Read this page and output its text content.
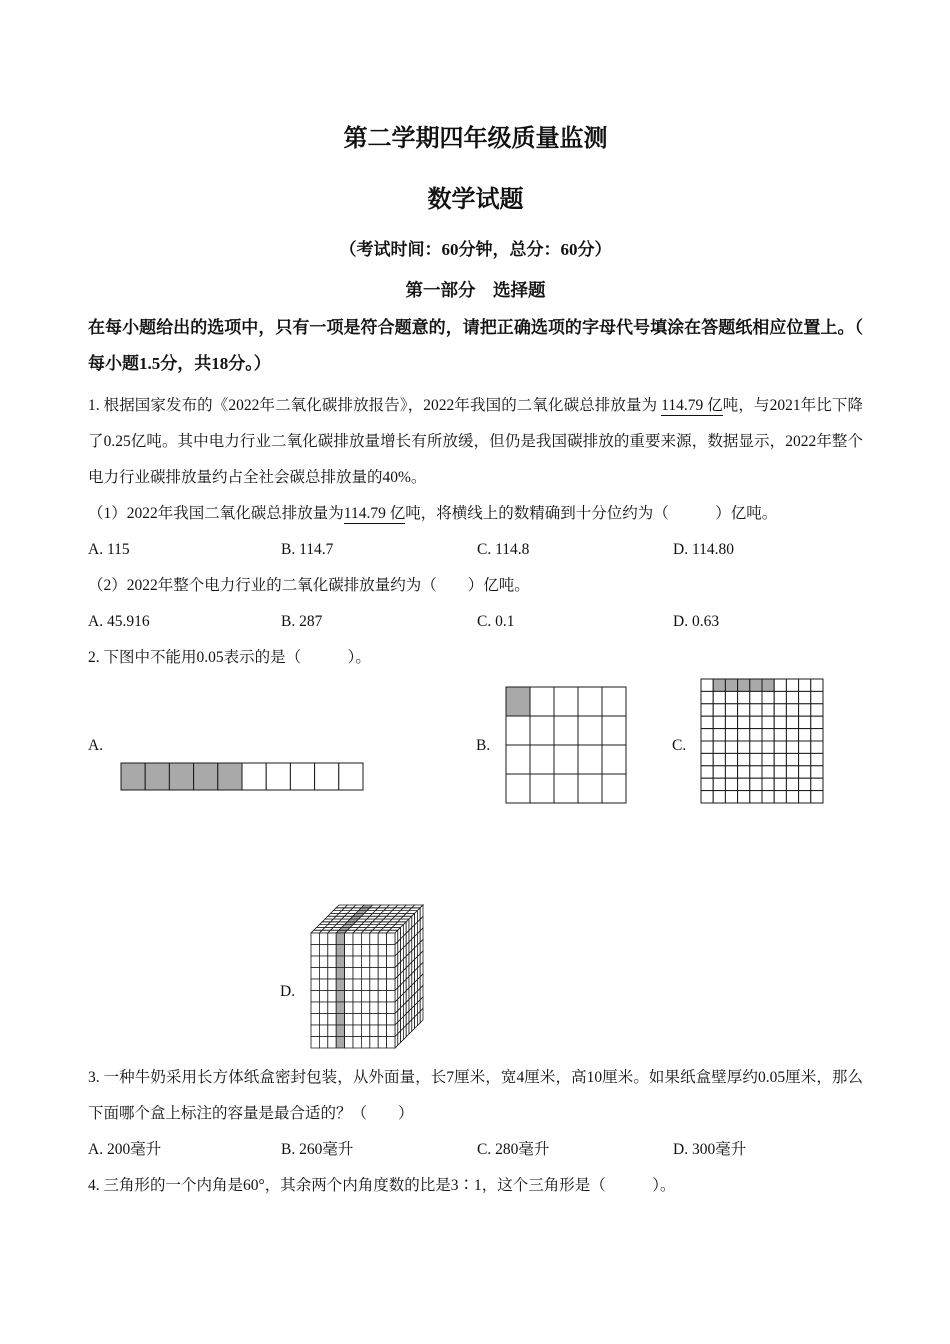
第二学期四年级质量监测
数学试题
（考试时间：60分钟，总分：60分）
第一部分　选择题
在每小题给出的选项中，只有一项是符合题意的，请把正确选项的字母代号填涂在答题纸相应位置上。（ 每小题1.5分，共18分。）

1. 根据国家发布的《2022年二氧化碳排放报告》，2022年我国的二氧化碳总排放量为 114.79 亿吨，与2021年比下降了0.25亿吨。其中电力行业二氧化碳排放量增长有所放缓，但仍是我国碳排放的重要来源，数据显示，2022年整个电力行业碳排放量约占全社会碳总排放量的40%。

（1）2022年我国二氧化碳总排放量为114.79 亿吨，将横线上的数精确到十分位约为（　　　）亿吨。

A. 115	B. 114.7	C. 114.8	D. 114.80

（2）2022年整个电力行业的二氧化碳排放量约为（　　）亿吨。

A. 45.916	B. 287	C. 0.1	D. 0.63

2. 下图中不能用0.05表示的是（　　　）。

A.	B.	C.
D.

3. 一种牛奶采用长方体纸盒密封包装，从外面量，长7厘米，宽4厘米，高10厘米。如果纸盒壁厚约0.05厘米，那么下面哪个盒上标注的容量是最合适的？（　　）

A. 200毫升	B. 260毫升	C. 280毫升	D. 300毫升

4. 三角形的一个内角是60°，其余两个内角度数的比是3∶1，这个三角形是（　　　）。
